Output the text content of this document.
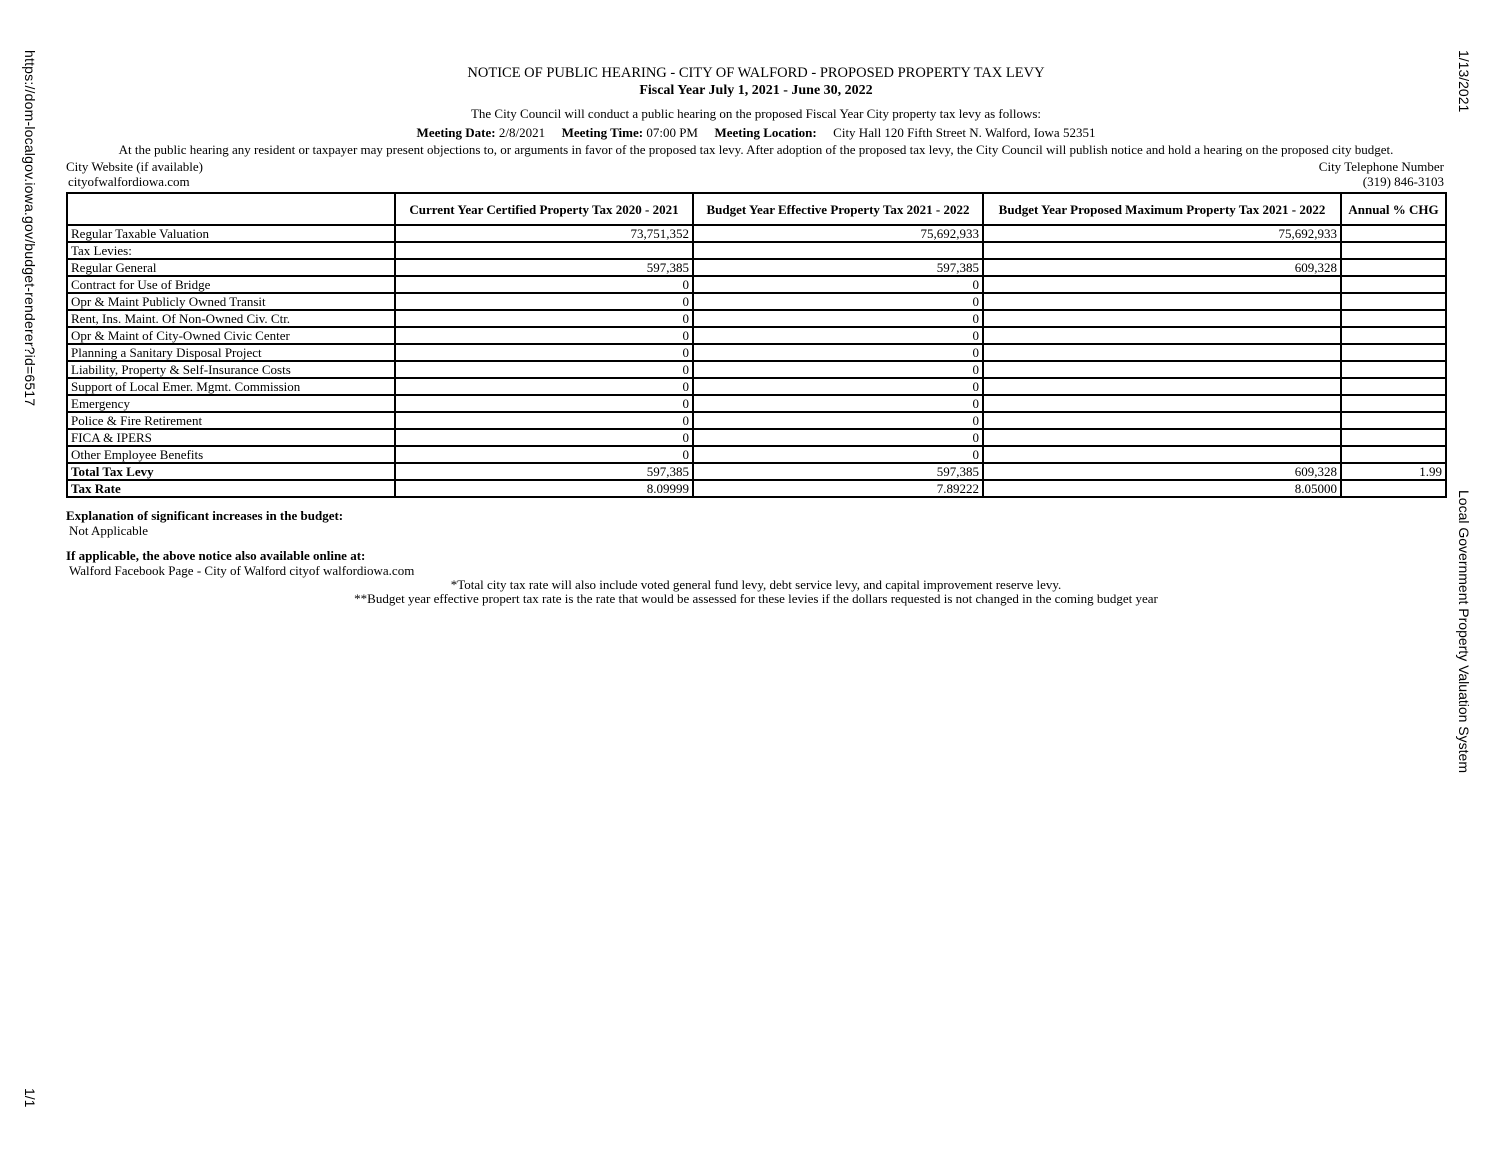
https://dom-localgov.iowa.gov/budget-renderer?id=6517
1/1
1/13/2021
Local Government Property Valuation System
NOTICE OF PUBLIC HEARING - CITY OF WALFORD - PROPOSED PROPERTY TAX LEVY
Fiscal Year July 1, 2021 - June 30, 2022
The City Council will conduct a public hearing on the proposed Fiscal Year City property tax levy as follows:
Meeting Date: 2/8/2021 Meeting Time: 07:00 PM Meeting Location: City Hall 120 Fifth Street N. Walford, Iowa 52351
At the public hearing any resident or taxpayer may present objections to, or arguments in favor of the proposed tax levy. After adoption of the proposed tax levy, the City Council will publish notice and hold a hearing on the proposed city budget.
City Website (if available)
cityofwalfordiowa.com
City Telephone Number
(319) 846-3103
	Current Year Certified Property Tax 2020 - 2021	Budget Year Effective Property Tax 2021 - 2022	Budget Year Proposed Maximum Property Tax 2021 - 2022	Annual % CHG
Regular Taxable Valuation	73,751,352	75,692,933	75,692,933	
Tax Levies:				
Regular General	597,385	597,385	609,328	
Contract for Use of Bridge	0	0		
Opr & Maint Publicly Owned Transit	0	0		
Rent, Ins. Maint. Of Non-Owned Civ. Ctr.	0	0		
Opr & Maint of City-Owned Civic Center	0	0		
Planning a Sanitary Disposal Project	0	0		
Liability, Property & Self-Insurance Costs	0	0		
Support of Local Emer. Mgmt. Commission	0	0		
Emergency	0	0		
Police & Fire Retirement	0	0		
FICA & IPERS	0	0		
Other Employee Benefits	0	0		
Total Tax Levy	597,385	597,385	609,328	1.99
Tax Rate	8.09999	7.89222	8.05000	
Explanation of significant increases in the budget:
Not Applicable
If applicable, the above notice also available online at:
Walford Facebook Page - City of Walford cityof walfordiowa.com
*Total city tax rate will also include voted general fund levy, debt service levy, and capital improvement reserve levy.
**Budget year effective propert tax rate is the rate that would be assessed for these levies if the dollars requested is not changed in the coming budget year
